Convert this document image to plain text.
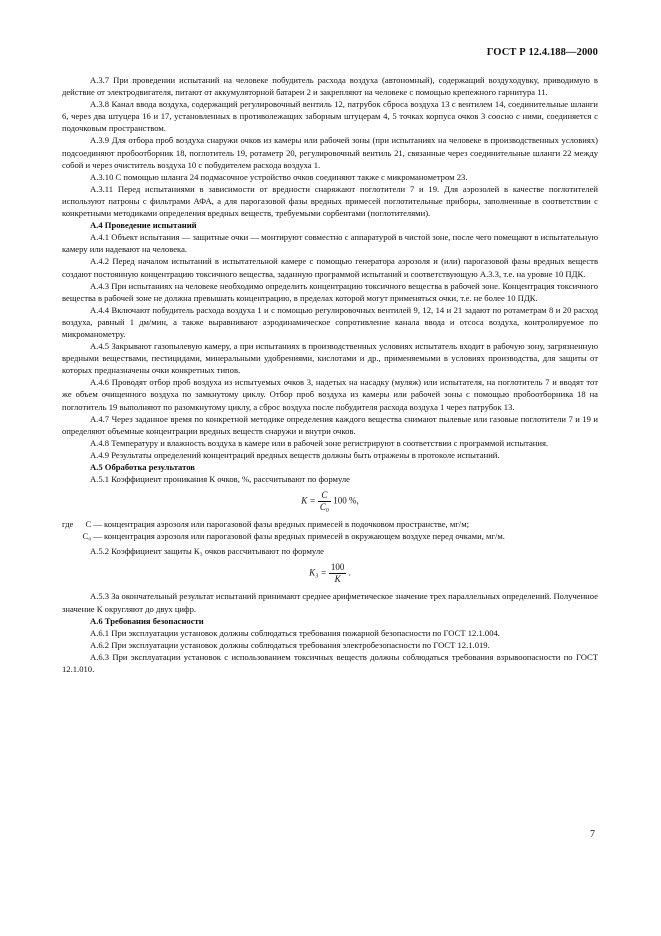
ГОСТ Р 12.4.188—2000

А.3.7 При проведении испытаний на человеке побудитель расхода воздуха (автономный), содержащий воздуходувку, приводимую в действие от электродвигателя, питают от аккумуляторной батареи 2 и закрепляют на человеке с помощью крепежного гарнитура 11.

А.3.8 Канал ввода воздуха, содержащий регулировочный вентиль 12, патрубок сброса воздуха 13 с вентилем 14, соединительные шланги 6, через два штуцера 16 и 17, установленных в противолежащих заборным штуцерам 4, 5 точках корпуса очков 3 соосно с ними, соединяется с подочковым пространством.

А.3.9 Для отбора проб воздуха снаружи очков из камеры или рабочей зоны (при испытаниях на человеке в производственных условиях) подсоединяют пробоотборник 18, поглотитель 19, ротаметр 20, регулировочный вентиль 21, связанные через соединительные шланги 22 между собой и через очиститель воздуха 10 с побудителем расхода воздуха 1.

А.3.10 С помощью шланга 24 подмасочное устройство очков соединяют также с микроманометром 23.

А.3.11 Перед испытаниями в зависимости от вредности снаряжают поглотители 7 и 19. Для аэрозолей в качестве поглотителей используют патроны с фильтрами АФА, а для парогазовой фазы вредных примесей поглотительные приборы, заполненные в соответствии с конкретными методиками определения вредных веществ, требуемыми сорбентами (поглотителями).

А.4 Проведение испытаний

А.4.1 Объект испытания — защитные очки — монтируют совместно с аппаратурой в чистой зоне, после чего помещают в испытательную камеру или надевают на человека.

А.4.2 Перед началом испытаний в испытательной камере с помощью генератора аэрозоля и (или) парогазовой фазы вредных веществ создают постоянную концентрацию токсичного вещества, заданную программой испытаний и соответствующую А.3.3, т.е. на уровне 10 ПДК.

А.4.3 При испытаниях на человеке необходимо определить концентрацию токсичного вещества в рабочей зоне. Концентрация токсичного вещества в рабочей зоне не должна превышать концентрацию, в пределах которой могут применяться очки, т.е. не более 10 ПДК.

А.4.4 Включают побудитель расхода воздуха 1 и с помощью регулировочных вентилей 9, 12, 14 и 21 задают по ротаметрам 8 и 20 расход воздуха, равный 1 дм/мин, а также выравнивают аэродинамическое сопротивление канала ввода и отсоса воздуха, контролируемое по микроманометру.

А.4.5 Закрывают газопылевую камеру, а при испытаниях в производственных условиях испытатель входит в рабочую зону, загрязненную вредными веществами, пестицидами, минеральными удобрениями, кислотами и др., применяемыми в условиях производства, для защиты от которых предназначены очки конкретных типов.

А.4.6 Проводят отбор проб воздуха из испытуемых очков 3, надетых на насадку (муляж) или испытателя, на поглотитель 7 и вводят тот же объем очищенного воздуха по замкнутому циклу. Отбор проб воздуха из камеры или рабочей зоны с помощью пробоотборника 18 на поглотитель 19 выполняют по разомкнутому циклу, а сброс воздуха после побудителя расхода воздуха 1 через патрубок 13.

А.4.7 Через заданное время по конкретной методике определения каждого вещества снимают пылевые или газовые поглотители 7 и 19 и определяют объемные концентрации вредных веществ снаружи и внутри очков.

А.4.8 Температуру и влажность воздуха в камере или в рабочей зоне регистрируют в соответствии с программой испытания.

А.4.9 Результаты определений концентраций вредных веществ должны быть отражены в протоколе испытаний.

А.5 Обработка результатов

А.5.1 Коэффициент проникания К очков, %, рассчитывают по формуле

$K = \frac{C}{\text{C₀}} 100$ %,
где	С — концентрация аэрозоля или парогазовой фазы вредных примесей в подочковом пространстве, мг/м;
С₀ — концентрация аэрозоля или парогазовой фазы вредных примесей в окружающем воздухе перед очками, мг/м.

А.5.2 Коэффициент защиты К₃ очков рассчитывают по формуле

$K_3 = \frac{100}{K}$ .

А.5.3 За окончательный результат испытаний принимают среднее арифметическое значение трех параллельных определений. Полученное значение К округляют до двух цифр.

А.6 Требования безопасности

А.6.1 При эксплуатации установок должны соблюдаться требования пожарной безопасности по ГОСТ 12.1.004.

А.6.2 При эксплуатации установок должны соблюдаться требования электробезопасности по ГОСТ 12.1.019.

А.6.3 При эксплуатации установок с использованием токсичных веществ должны соблюдаться требования взрывоопасности по ГОСТ 12.1.010.

7
